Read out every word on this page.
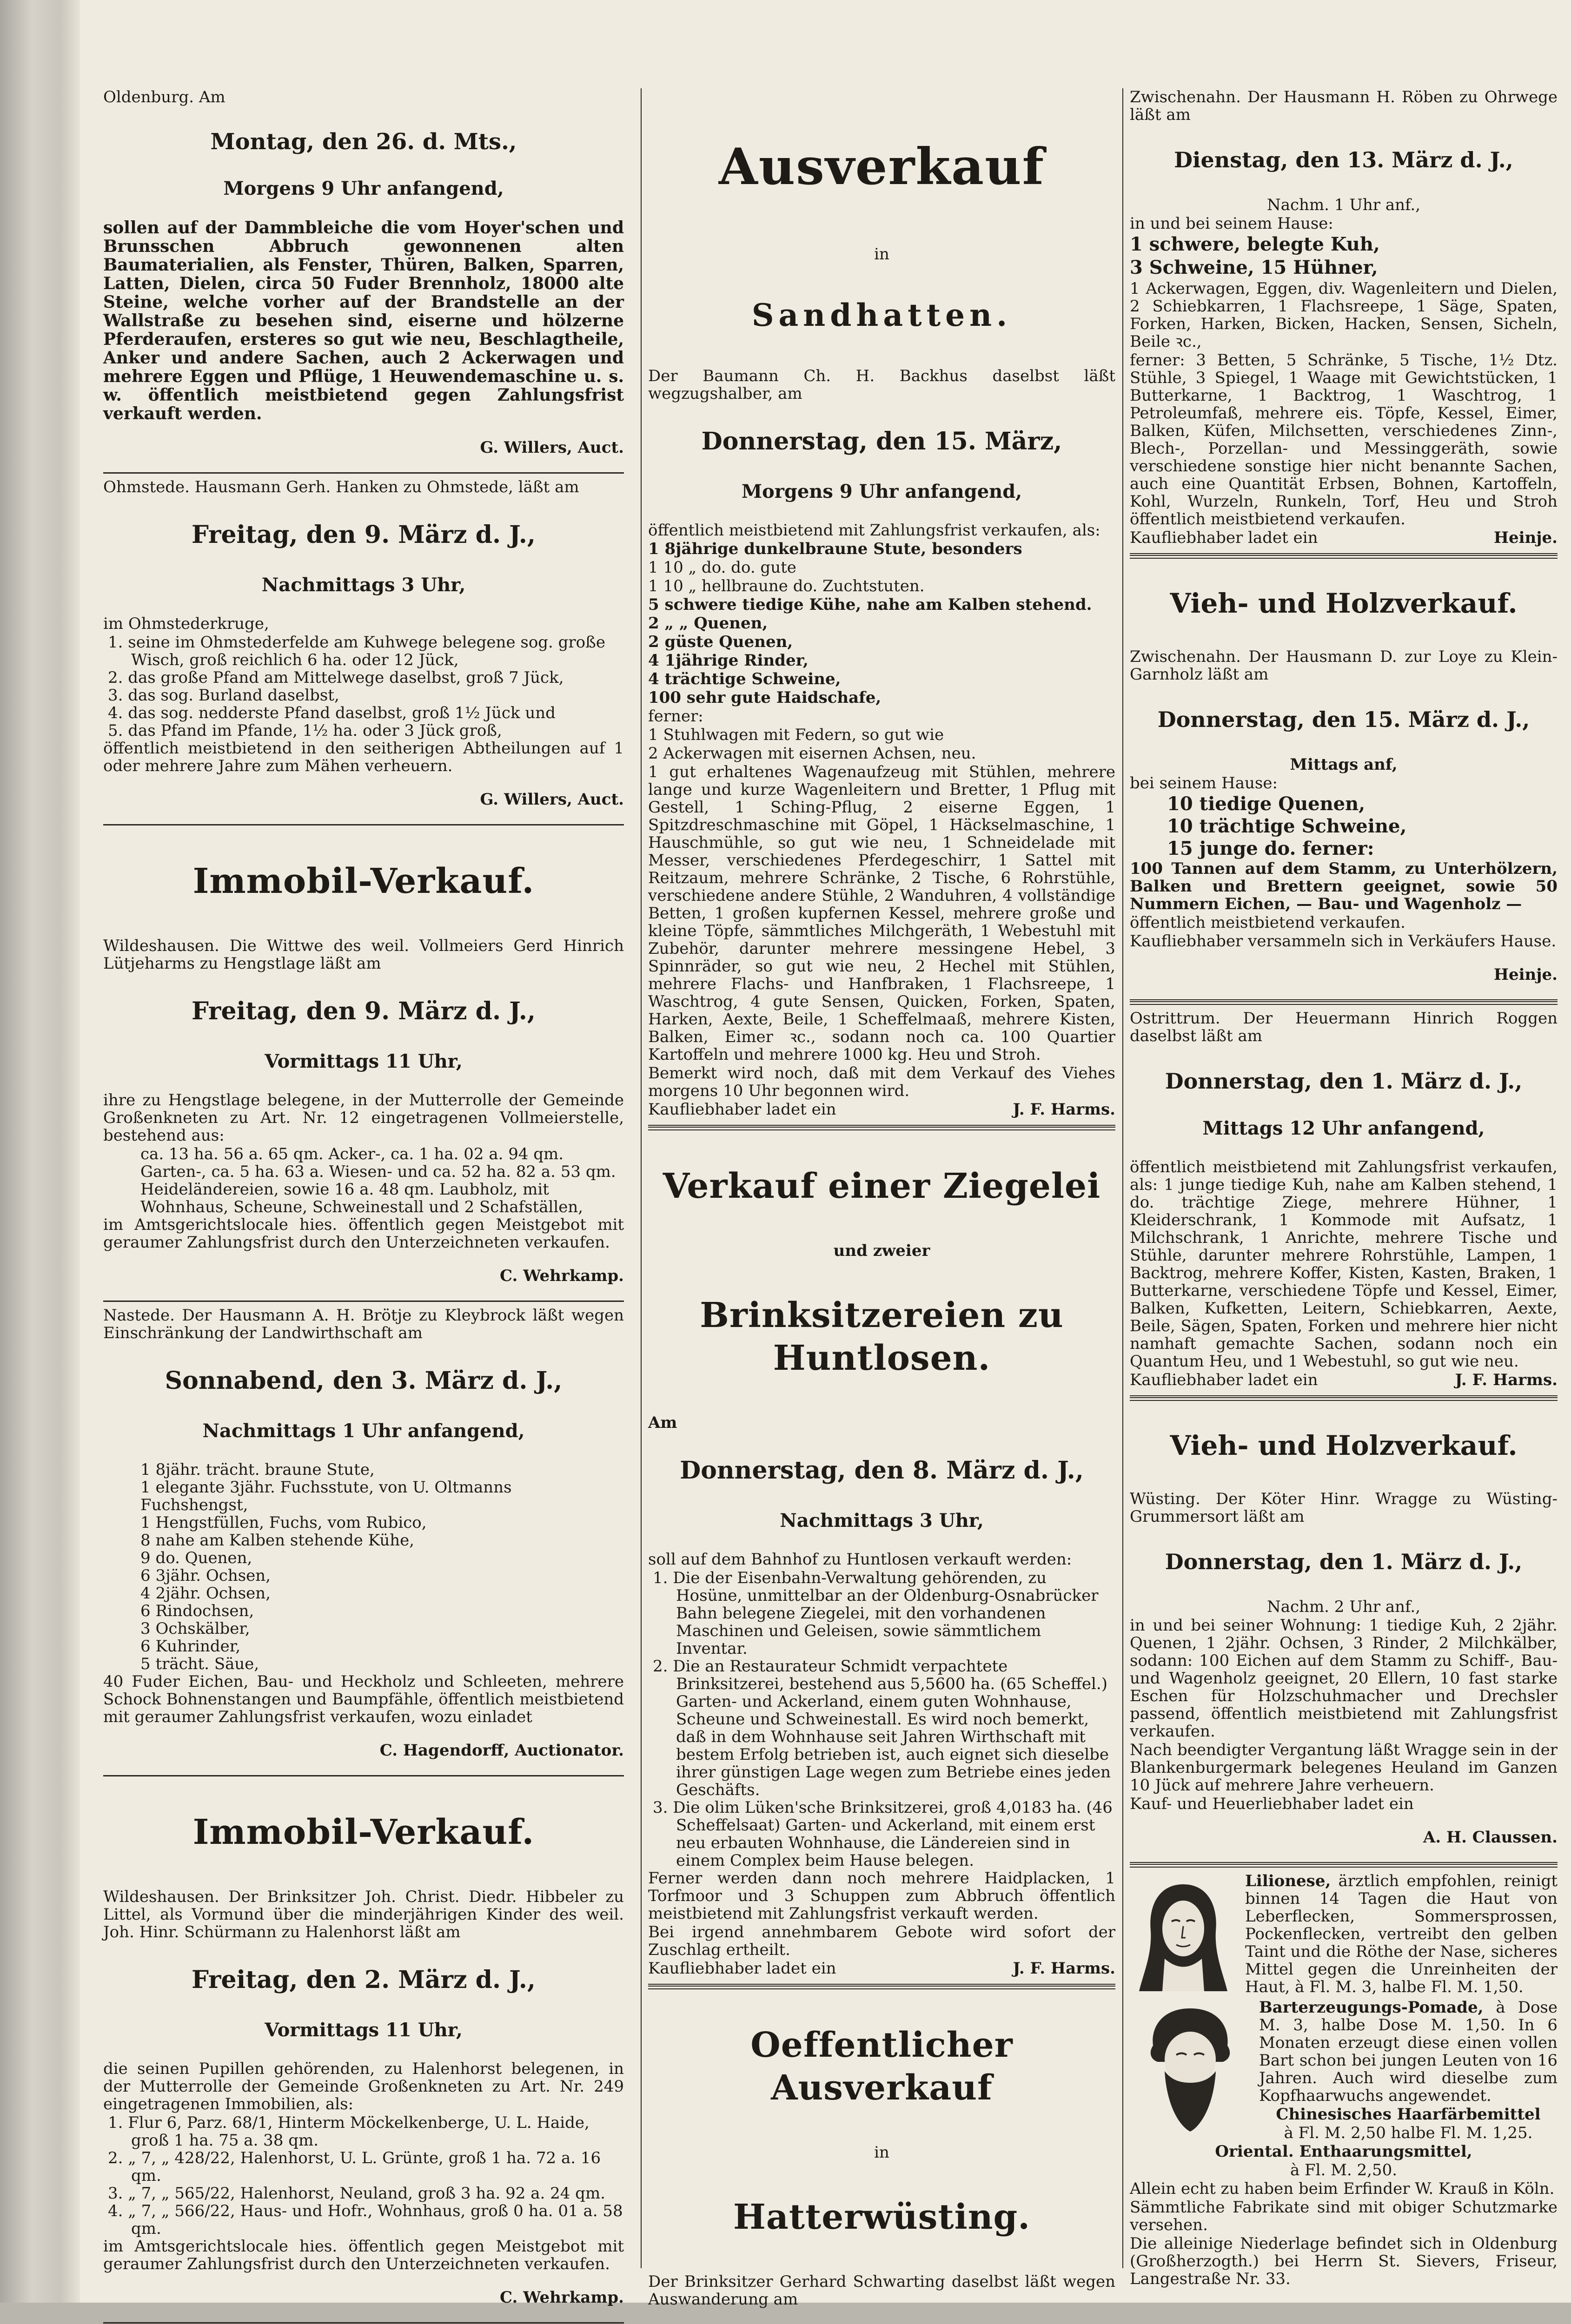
Oldenburg. Am

Montag, den 26. d. Mts.,

Morgens 9 Uhr anfangend,

sollen auf der Dammbleiche die vom Hoyer'schen und Brunsschen Abbruch gewonnenen alten Baumaterialien, als Fenster, Thüren, Balken, Sparren, Latten, Dielen, circa 50 Fuder Brennholz, 18000 alte Steine, welche vorher auf der Brandstelle an der Wallstraße zu besehen sind, eiserne und hölzerne Pferderaufen, ersteres so gut wie neu, Beschlagtheile, Anker und andere Sachen, auch 2 Ackerwagen und mehrere Eggen und Pflüge, 1 Heuwendemaschine u. s. w. öffentlich meistbietend gegen Zahlungsfrist verkauft werden.

G. Willers, Auct.

Ohmstede. Hausmann Gerh. Hanken zu Ohmstede, läßt am

Freitag, den 9. März d. J.,

Nachmittags 3 Uhr,

im Ohmstederkruge,

1. seine im Ohmstederfelde am Kuhwege belegene sog. große Wisch, groß reichlich 6 ha. oder 12 Jück,

2. das große Pfand am Mittelwege daselbst, groß 7 Jück,

3. das sog. Burland daselbst,

4. das sog. nedderste Pfand daselbst, groß 1½ Jück und

5. das Pfand im Pfande, 1½ ha. oder 3 Jück groß,

öffentlich meistbietend in den seitherigen Abtheilungen auf 1 oder mehrere Jahre zum Mähen verheuern.

G. Willers, Auct.

Immobil-Verkauf.

Wildeshausen. Die Wittwe des weil. Vollmeiers Gerd Hinrich Lütjeharms zu Hengstlage läßt am

Freitag, den 9. März d. J.,

Vormittags 11 Uhr,

ihre zu Hengstlage belegene, in der Mutterrolle der Gemeinde Großenkneten zu Art. Nr. 12 eingetragenen Vollmeierstelle, bestehend aus:

ca. 13 ha. 56 a. 65 qm. Acker-, ca. 1 ha. 02 a. 94 qm. Garten-, ca. 5 ha. 63 a. Wiesen- und ca. 52 ha. 82 a. 53 qm. Heideländereien, sowie 16 a. 48 qm. Laubholz, mit Wohnhaus, Scheune, Schweinestall und 2 Schafställen,

im Amtsgerichtslocale hies. öffentlich gegen Meistgebot mit geraumer Zahlungsfrist durch den Unterzeichneten verkaufen.

C. Wehrkamp.

Nastede. Der Hausmann A. H. Brötje zu Kleybrock läßt wegen Einschränkung der Landwirthschaft am

Sonnabend, den 3. März d. J.,

Nachmittags 1 Uhr anfangend,

1 8jähr. trächt. braune Stute,

1 elegante 3jähr. Fuchsstute, von U. Oltmanns Fuchshengst,

1 Hengstfüllen, Fuchs, vom Rubico,

8 nahe am Kalben stehende Kühe,

9 do. Quenen,

6 3jähr. Ochsen,

4 2jähr. Ochsen,

6 Rindochsen,

3 Ochskälber,

6 Kuhrinder,

5 trächt. Säue,

40 Fuder Eichen, Bau- und Heckholz und Schleeten, mehrere Schock Bohnenstangen und Baumpfähle, öffentlich meistbietend mit geraumer Zahlungsfrist verkaufen, wozu einladet

C. Hagendorff, Auctionator.

Immobil-Verkauf.

Wildeshausen. Der Brinksitzer Joh. Christ. Diedr. Hibbeler zu Littel, als Vormund über die minderjährigen Kinder des weil. Joh. Hinr. Schürmann zu Halenhorst läßt am

Freitag, den 2. März d. J.,

Vormittags 11 Uhr,

die seinen Pupillen gehörenden, zu Halenhorst belegenen, in der Mutterrolle der Gemeinde Großenkneten zu Art. Nr. 249 eingetragenen Immobilien, als:

1. Flur 6, Parz. 68/1, Hinterm Möckelkenberge, U. L. Haide, groß 1 ha. 75 a. 38 qm.

2. „ 7, „ 428/22, Halenhorst, U. L. Grünte, groß 1 ha. 72 a. 16 qm.

3. „ 7, „ 565/22, Halenhorst, Neuland, groß 3 ha. 92 a. 24 qm.

4. „ 7, „ 566/22, Haus- und Hofr., Wohnhaus, groß 0 ha. 01 a. 58 qm.

im Amtsgerichtslocale hies. öffentlich gegen Meistgebot mit geraumer Zahlungsfrist durch den Unterzeichneten verkaufen.

C. Wehrkamp.

Ausverkauf

in

Sandhatten.

Der Baumann Ch. H. Backhus daselbst läßt wegzugshalber, am

Donnerstag, den 15. März,

Morgens 9 Uhr anfangend,

öffentlich meistbietend mit Zahlungsfrist verkaufen, als:

1 8jährige dunkelbraune Stute, besonders

1 10 „ do. do. gute

1 10 „ hellbraune do. Zuchtstuten.

5 schwere tiedige Kühe, nahe am Kalben stehend.

2 „ „ Quenen,

2 güste Quenen,

4 1jährige Rinder,

4 trächtige Schweine,

100 sehr gute Haidschafe,

ferner:

1 Stuhlwagen mit Federn, so gut wie

2 Ackerwagen mit eisernen Achsen, neu.

1 gut erhaltenes Wagenaufzeug mit Stühlen, mehrere lange und kurze Wagenleitern und Bretter, 1 Pflug mit Gestell, 1 Sching-Pflug, 2 eiserne Eggen, 1 Spitzdreschmaschine mit Göpel, 1 Häckselmaschine, 1 Hauschmühle, so gut wie neu, 1 Schneidelade mit Messer, verschiedenes Pferdegeschirr, 1 Sattel mit Reitzaum, mehrere Schränke, 2 Tische, 6 Rohrstühle, verschiedene andere Stühle, 2 Wanduhren, 4 vollständige Betten, 1 großen kupfernen Kessel, mehrere große und kleine Töpfe, sämmtliches Milchgeräth, 1 Webestuhl mit Zubehör, darunter mehrere messingene Hebel, 3 Spinnräder, so gut wie neu, 2 Hechel mit Stühlen, mehrere Flachs- und Hanfbraken, 1 Flachsreepe, 1 Waschtrog, 4 gute Sensen, Quicken, Forken, Spaten, Harken, Aexte, Beile, 1 Scheffelmaaß, mehrere Kisten, Balken, Eimer ꝛc., sodann noch ca. 100 Quartier Kartoffeln und mehrere 1000 kg. Heu und Stroh.

Bemerkt wird noch, daß mit dem Verkauf des Viehes morgens 10 Uhr begonnen wird.

Kaufliebhaber ladet ein	J. F. Harms.

Verkauf einer Ziegelei

und zweier

Brinksitzereien zu Huntlosen.

Am

Donnerstag, den 8. März d. J.,

Nachmittags 3 Uhr,

soll auf dem Bahnhof zu Huntlosen verkauft werden:

1. Die der Eisenbahn-Verwaltung gehörenden, zu Hosüne, unmittelbar an der Oldenburg-Osnabrücker Bahn belegene Ziegelei, mit den vorhandenen Maschinen und Geleisen, sowie sämmtlichem Inventar.

2. Die an Restaurateur Schmidt verpachtete Brinksitzerei, bestehend aus 5,5600 ha. (65 Scheffel.) Garten- und Ackerland, einem guten Wohnhause, Scheune und Schweinestall. Es wird noch bemerkt, daß in dem Wohnhause seit Jahren Wirthschaft mit bestem Erfolg betrieben ist, auch eignet sich dieselbe ihrer günstigen Lage wegen zum Betriebe eines jeden Geschäfts.

3. Die olim Lüken'sche Brinksitzerei, groß 4,0183 ha. (46 Scheffelsaat) Garten- und Ackerland, mit einem erst neu erbauten Wohnhause, die Ländereien sind in einem Complex beim Hause belegen.

Ferner werden dann noch mehrere Haidplacken, 1 Torfmoor und 3 Schuppen zum Abbruch öffentlich meistbietend mit Zahlungsfrist verkauft werden.

Bei irgend annehmbarem Gebote wird sofort der Zuschlag ertheilt.

Kaufliebhaber ladet ein	J. F. Harms.

Oeffentlicher Ausverkauf

in

Hatterwüsting.

Der Brinksitzer Gerhard Schwarting daselbst läßt wegen Auswanderung am

Zwischenahn. Der Hausmann H. Röben zu Ohrwege läßt am

Dienstag, den 13. März d. J.,

Nachm. 1 Uhr anf.,

in und bei seinem Hause:

1 schwere, belegte Kuh,

3 Schweine, 15 Hühner,

1 Ackerwagen, Eggen, div. Wagenleitern und Dielen, 2 Schiebkarren, 1 Flachsreepe, 1 Säge, Spaten, Forken, Harken, Bicken, Hacken, Sensen, Sicheln, Beile ꝛc.,

ferner: 3 Betten, 5 Schränke, 5 Tische, 1½ Dtz. Stühle, 3 Spiegel, 1 Waage mit Gewichtstücken, 1 Butterkarne, 1 Backtrog, 1 Waschtrog, 1 Petroleumfaß, mehrere eis. Töpfe, Kessel, Eimer, Balken, Küfen, Milchsetten, verschiedenes Zinn-, Blech-, Porzellan- und Messinggeräth, sowie verschiedene sonstige hier nicht benannte Sachen, auch eine Quantität Erbsen, Bohnen, Kartoffeln, Kohl, Wurzeln, Runkeln, Torf, Heu und Stroh öffentlich meistbietend verkaufen.

Kaufliebhaber ladet ein	Heinje.

Vieh- und Holzverkauf.

Zwischenahn. Der Hausmann D. zur Loye zu Klein-Garnholz läßt am

Donnerstag, den 15. März d. J.,

Mittags anf,

bei seinem Hause:

10 tiedige Quenen,

10 trächtige Schweine,

15 junge do. ferner:

100 Tannen auf dem Stamm, zu Unterhölzern, Balken und Brettern geeignet, sowie 50 Nummern Eichen, — Bau- und Wagenholz —

öffentlich meistbietend verkaufen.

Kaufliebhaber versammeln sich in Verkäufers Hause.

Heinje.

Ostrittrum. Der Heuermann Hinrich Roggen daselbst läßt am

Donnerstag, den 1. März d. J.,

Mittags 12 Uhr anfangend,

öffentlich meistbietend mit Zahlungsfrist verkaufen, als: 1 junge tiedige Kuh, nahe am Kalben stehend, 1 do. trächtige Ziege, mehrere Hühner, 1 Kleiderschrank, 1 Kommode mit Aufsatz, 1 Milchschrank, 1 Anrichte, mehrere Tische und Stühle, darunter mehrere Rohrstühle, Lampen, 1 Backtrog, mehrere Koffer, Kisten, Kasten, Braken, 1 Butterkarne, verschiedene Töpfe und Kessel, Eimer, Balken, Kufketten, Leitern, Schiebkarren, Aexte, Beile, Sägen, Spaten, Forken und mehrere hier nicht namhaft gemachte Sachen, sodann noch ein Quantum Heu, und 1 Webestuhl, so gut wie neu.

Kaufliebhaber ladet ein	J. F. Harms.

Vieh- und Holzverkauf.

Wüsting. Der Köter Hinr. Wragge zu Wüsting-Grummersort läßt am

Donnerstag, den 1. März d. J.,

Nachm. 2 Uhr anf.,

in und bei seiner Wohnung: 1 tiedige Kuh, 2 2jähr. Quenen, 1 2jähr. Ochsen, 3 Rinder, 2 Milchkälber, sodann: 100 Eichen auf dem Stamm zu Schiff-, Bau- und Wagenholz geeignet, 20 Ellern, 10 fast starke Eschen für Holzschuhmacher und Drechsler passend, öffentlich meistbietend mit Zahlungsfrist verkaufen.

Nach beendigter Vergantung läßt Wragge sein in der Blankenburgermark belegenes Heuland im Ganzen 10 Jück auf mehrere Jahre verheuern.

Kauf- und Heuerliebhaber ladet ein

A. H. Claussen.

Lilionese, ärztlich empfohlen, reinigt binnen 14 Tagen die Haut von Leberflecken, Sommersprossen, Pockenflecken, vertreibt den gelben Taint und die Röthe der Nase, sicheres Mittel gegen die Unreinheiten der Haut, à Fl. M. 3, halbe Fl. M. 1,50.

Barterzeugungs-Pomade, à Dose M. 3, halbe Dose M. 1,50. In 6 Monaten erzeugt diese einen vollen Bart schon bei jungen Leuten von 16 Jahren. Auch wird dieselbe zum Kopfhaarwuchs angewendet.

Chinesisches Haarfärbemittel

à Fl. M. 2,50 halbe Fl. M. 1,25.

Oriental. Enthaarungsmittel,

à Fl. M. 2,50.

Allein echt zu haben beim Erfinder W. Krauß in Köln.

Sämmtliche Fabrikate sind mit obiger Schutzmarke versehen.

Die alleinige Niederlage befindet sich in Oldenburg (Großherzogth.) bei Herrn St. Sievers, Friseur, Langestraße Nr. 33.
